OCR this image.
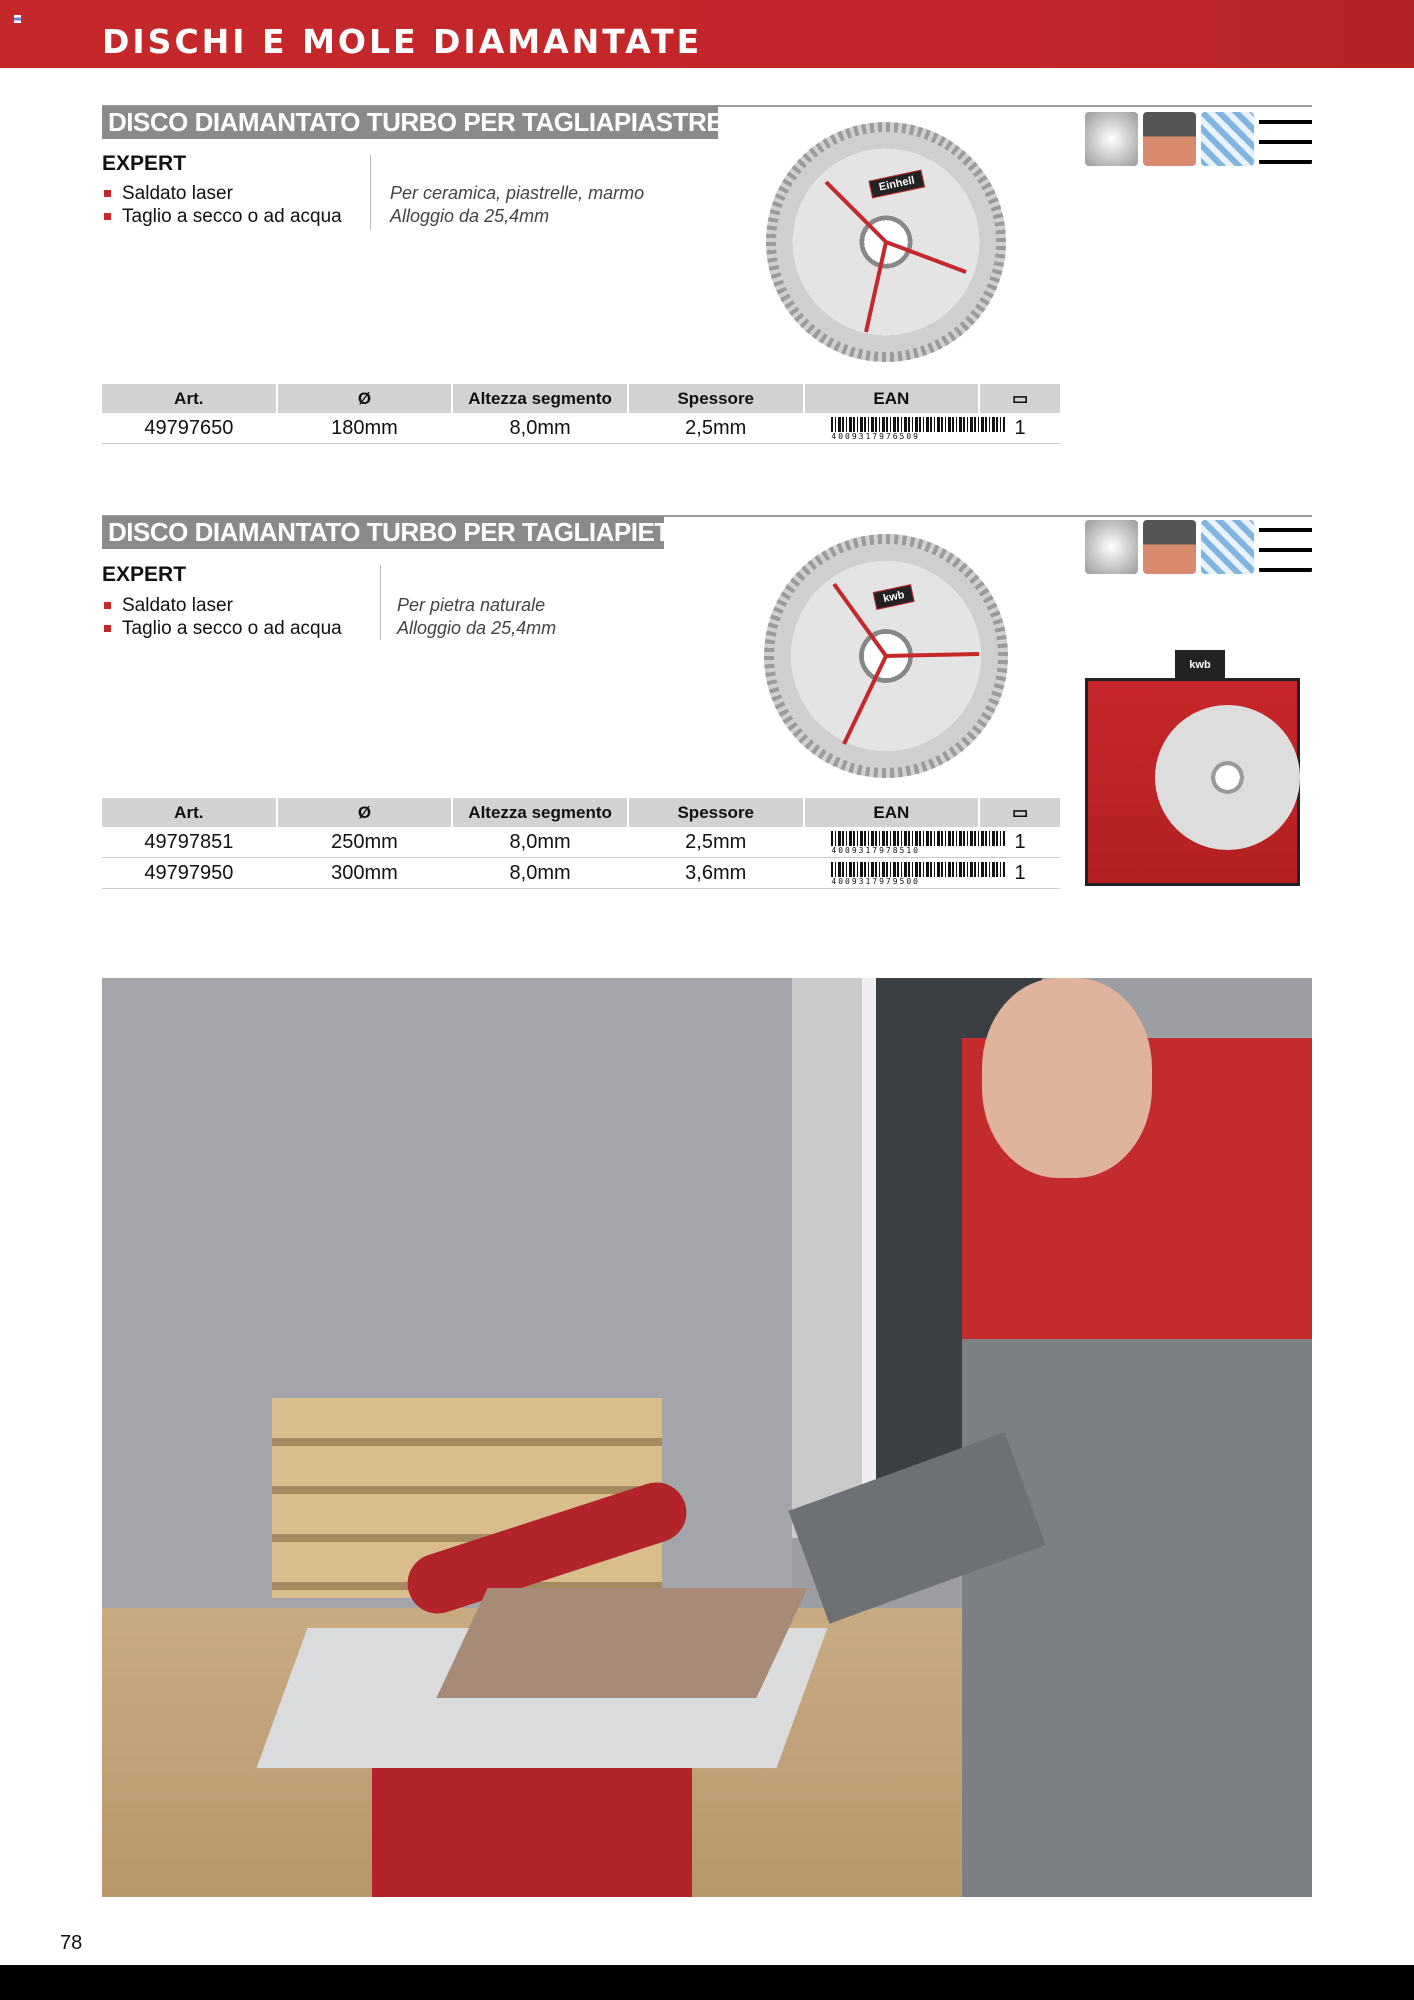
DISCHI E MOLE DIAMANTATE
DISCO DIAMANTATO TURBO PER TAGLIAPIASTRELLE
EXPERT
Saldato laser
Taglio a secco o ad acqua
Per ceramica, piastrelle, marmo
Alloggio da 25,4mm
Einhell
Art.	Ø	Altezza segmento	Spessore	EAN	▭
49797650	180mm	8,0mm	2,5mm	4009317976509	1
DISCO DIAMANTATO TURBO PER TAGLIAPIETRE
EXPERT
Saldato laser
Taglio a secco o ad acqua
Per pietra naturale
Alloggio da 25,4mm
kwb
kwb
Art.	Ø	Altezza segmento	Spessore	EAN	▭
49797851	250mm	8,0mm	2,5mm	4009317978510	1
49797950	300mm	8,0mm	3,6mm	4009317979500	1
78
